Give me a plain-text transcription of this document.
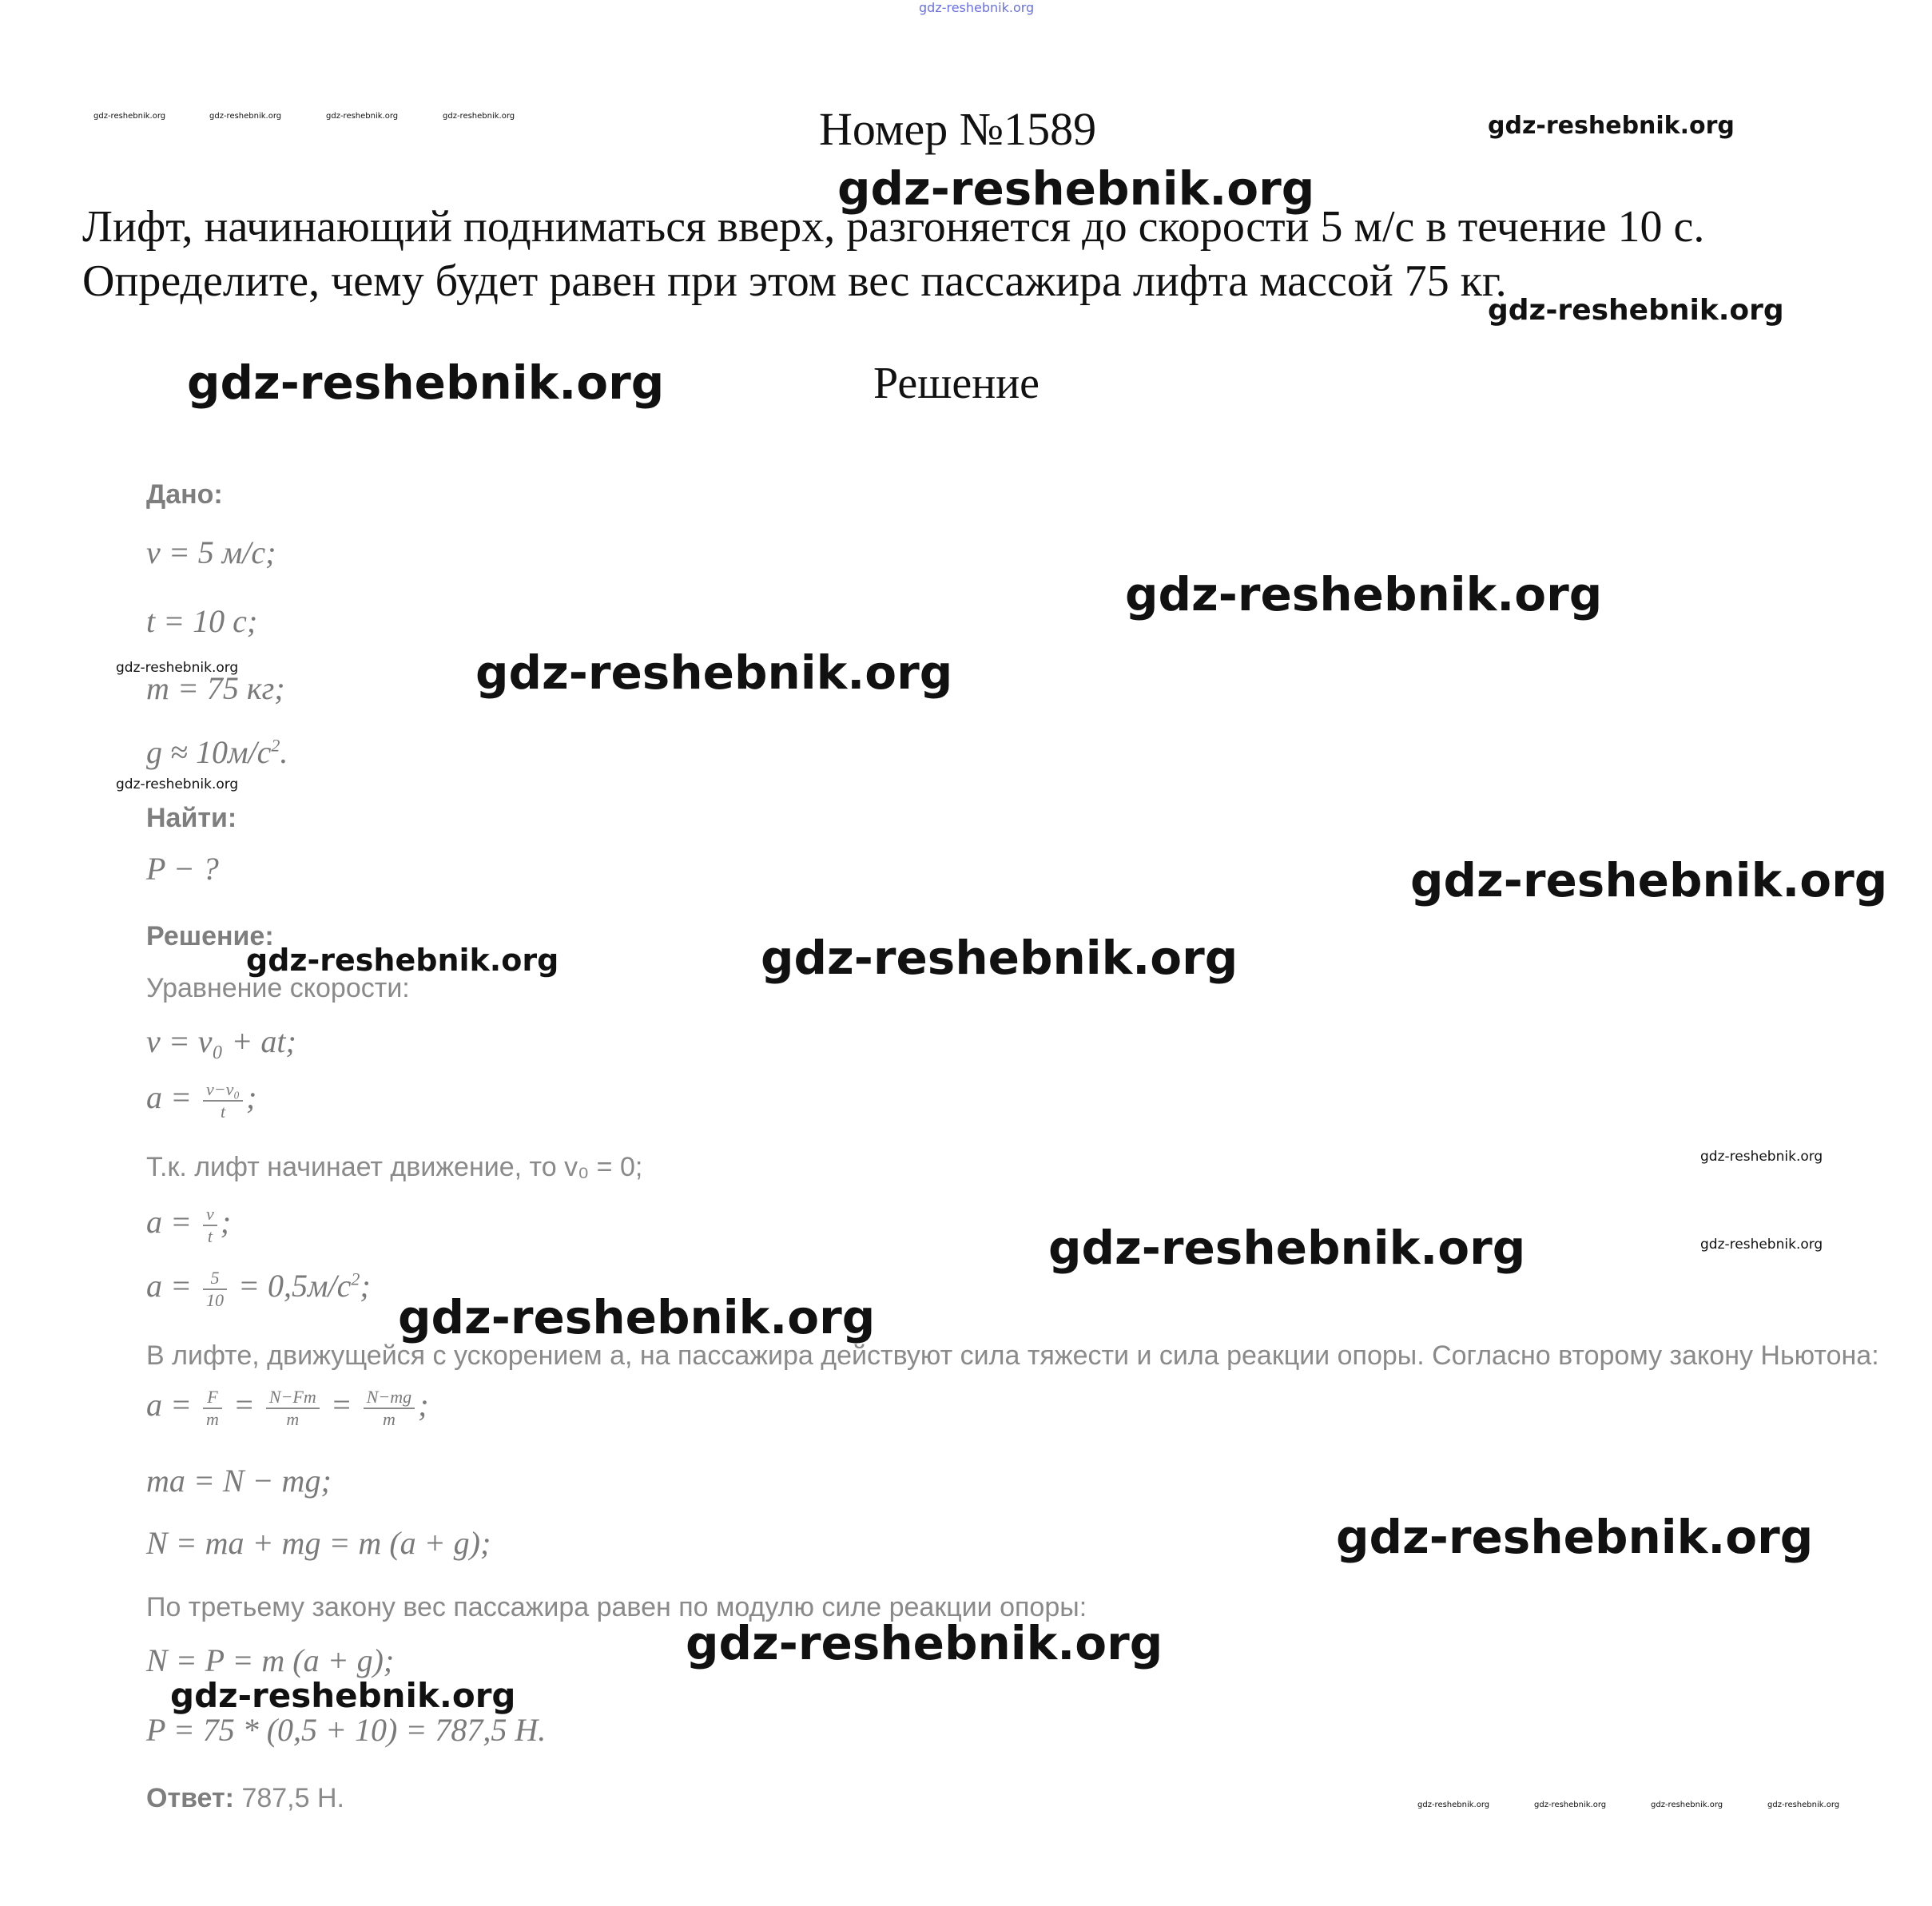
gdz-reshebnik.org
gdz-reshebnik.org	gdz-reshebnik.org	gdz-reshebnik.org	gdz-reshebnik.org	Номер №1589	gdz-reshebnik.org
gdz-reshebnik.org
Лифт, начинающий подниматься вверх, разгоняется до скорости 5 м/с в течение 10 с.
Определите, чему будет равен при этом вес пассажира лифта массой 75 кг.
gdz-reshebnik.org
gdz-reshebnik.org	Решение
Дано:
v = 5 м/с;
gdz-reshebnik.org
t = 10 с;
gdz-reshebnik.org	gdz-reshebnik.org
m = 75 кг;
$g \approx 10м/с^2$.
gdz-reshebnik.org
Найти:
P − ?	gdz-reshebnik.org
Решение:
gdz-reshebnik.org	gdz-reshebnik.org
Уравнение скорости:
v = v₀ + at;
$a = \frac{\text{v−v₀}}{t}$ ;
Т.к. лифт начинает движение, то v₀ = 0;	gdz-reshebnik.org
$a = \frac{v}{t}$ ;	gdz-reshebnik.org	gdz-reshebnik.org
$a = \frac{5}{10} = 0,5м/с^2$;
gdz-reshebnik.org
В лифте, движущейся с ускорением а, на пассажира действуют сила тяжести и сила реакции опоры. Согласно второму закону Ньютона:
$a = \frac{F}{m} = \frac{N-Fт}{m} = \frac{N-mg}{m}$ ;
ma = N − mg;
N = ma + mg = m (a + g);	gdz-reshebnik.org
По третьему закону вес пассажира равен по модулю силе реакции опоры:
gdz-reshebnik.org
N = P = m (a + g);
gdz-reshebnik.org
P = 75 * (0,5 + 10) = 787,5 Н.
Ответ: 787,5 Н.	gdz-reshebnik.org	gdz-reshebnik.org	gdz-reshebnik.org	gdz-reshebnik.org
